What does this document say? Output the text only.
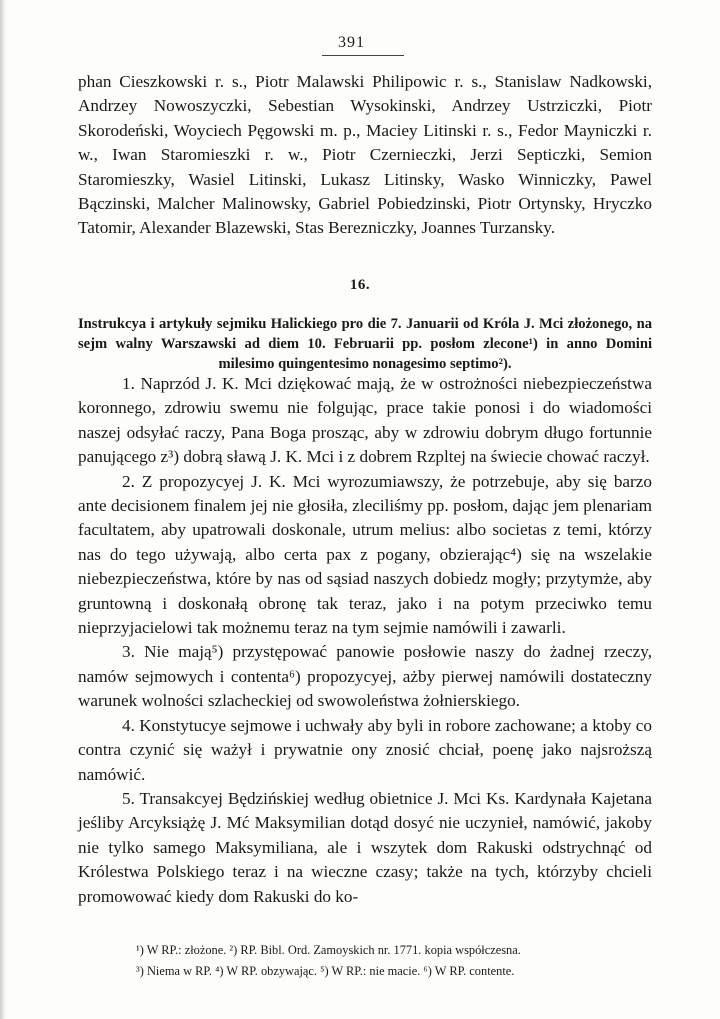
391
phan Cieszkowski r. s., Piotr Malawski Philipowic r. s., Stanislaw Nadkowski, Andrzey Nowoszyczki, Sebestian Wysokinski, Andrzey Ustrziczki, Piotr Skorodeński, Woyciech Pęgowski m. p., Maciey Litinski r. s., Fedor Mayniczki r. w., Iwan Staromieszki r. w., Piotr Czernieczki, Jerzi Septiczki, Semion Staromieszky, Wasiel Litinski, Lukasz Litinsky, Wasko Winniczky, Pawel Bączinski, Malcher Malinowsky, Gabriel Pobiedzinski, Piotr Ortynsky, Hryczko Tatomir, Alexander Blazewski, Stas Berezniczky, Joannes Turzansky.
16.
Instrukcya i artykuły sejmiku Halickiego pro die 7. Januarii od Króla J. Mci złożonego, na sejm walny Warszawski ad diem 10. Februarii pp. posłom zlecone¹) in anno Domini milesimo quingentesimo nonagesimo septimo²).

1. Naprzód J. K. Mci dziękować mają, że w ostrożności niebezpieczeństwa koronnego, zdrowiu swemu nie folgując, prace takie ponosi i do wiadomości naszej odsyłać raczy, Pana Boga prosząc, aby w zdrowiu dobrym długo fortunnie panującego z³) dobrą sławą J. K. Mci i z dobrem Rzpltej na świecie chować raczył.

2. Z propozycyej J. K. Mci wyrozumiawszy, że potrzebuje, aby się barzo ante decisionem finalem jej nie głosiła, zleciliśmy pp. posłom, dając jem plenariam facultatem, aby upatrowali doskonale, utrum melius: albo societas z temi, którzy nas do tego używają, albo certa pax z pogany, obzierając⁴) się na wszelakie niebezpieczeństwa, które by nas od sąsiad naszych dobiedz mogły; przytymże, aby gruntowną i doskonałą obronę tak teraz, jako i na potym przeciwko temu nieprzyjacielowi tak możnemu teraz na tym sejmie namówili i zawarli.

3. Nie mają⁵) przystępować panowie posłowie naszy do żadnej rzeczy, namów sejmowych i contenta⁶) propozycyej, ażby pierwej namówili dostateczny warunek wolności szlacheckiej od swowoleństwa żołnierskiego.

4. Konstytucye sejmowe i uchwały aby byli in robore zachowane; a ktoby co contra czynić się ważył i prywatnie ony znosić chciał, poenę jako najsroższą namówić.

5. Transakcyej Będzińskiej według obietnice J. Mci Ks. Kardynała Kajetana jeśliby Arcyksiążę J. Mć Maksymilian dotąd dosyć nie uczynieł, namówić, jakoby nie tylko samego Maksymiliana, ale i wszytek dom Rakuski odstrychnąć od Królestwa Polskiego teraz i na wieczne czasy; także na tych, którzyby chcieli promowować kiedy dom Rakuski do ko-

¹) W RP.: złożone. ²) RP. Bibl. Ord. Zamoyskich nr. 1771. kopia współczesna.
³) Niema w RP. ⁴) W RP. obzywając. ⁵) W RP.: nie macie. ⁶) W RP. contente.
